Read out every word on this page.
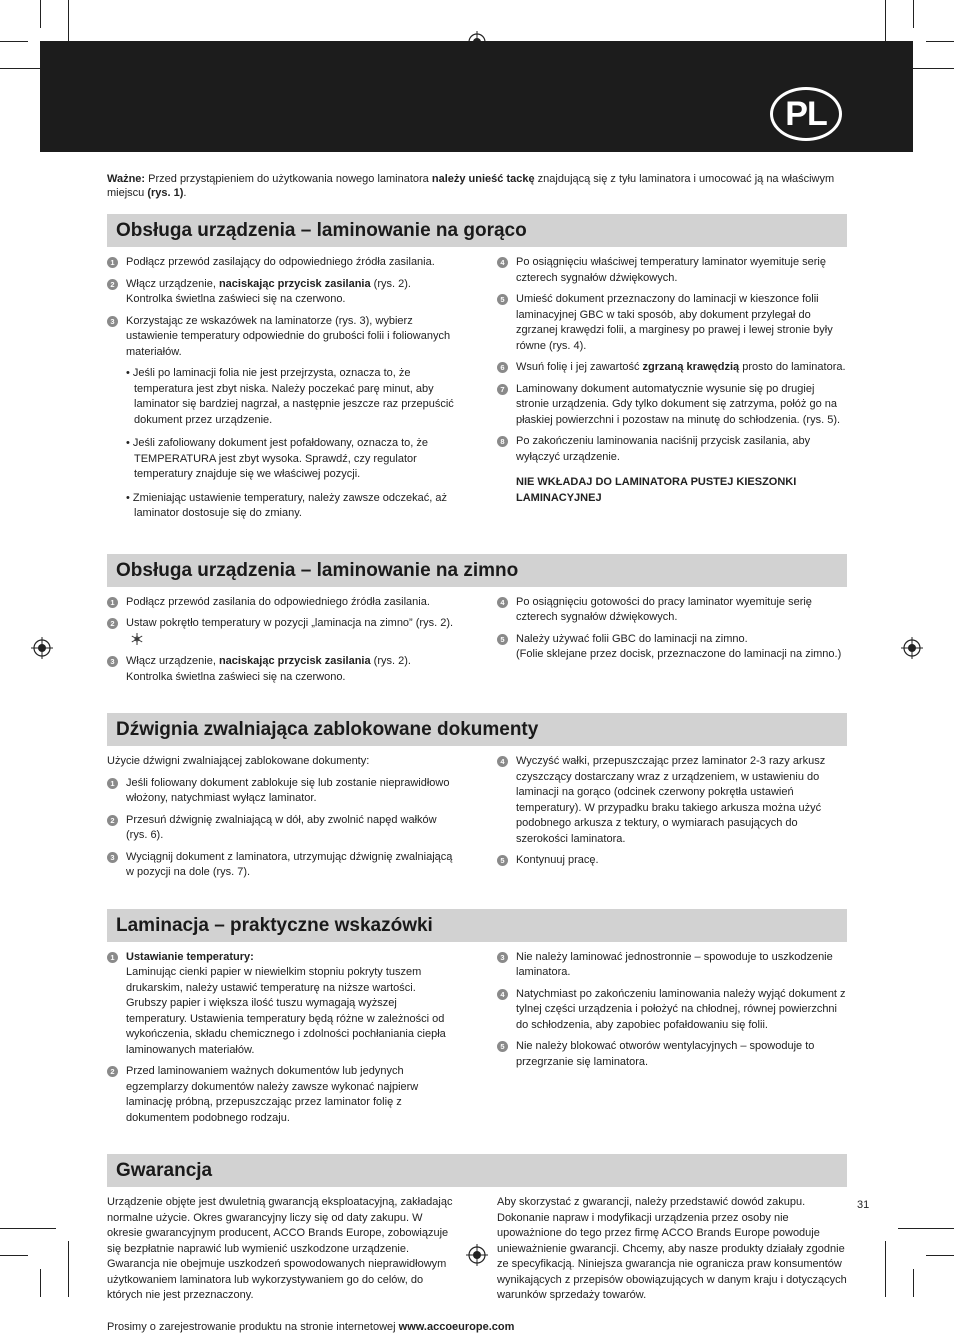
PL

Ważne: Przed przystąpieniem do użytkowania nowego laminatora należy unieść tackę znajdującą się z tyłu laminatora i umocować ją na właściwym miejscu (rys. 1).

Obsługa urządzenia – laminowanie na gorąco
1	Podłącz przewód zasilający do odpowiedniego źródła zasilania.
2	Włącz urządzenie, naciskając przycisk zasilania (rys. 2). Kontrolka świetlna zaświeci się na czerwono.
3	Korzystając ze wskazówek na laminatorze (rys. 3), wybierz ustawienie temperatury odpowiednie do grubości folii i foliowanych materiałów.
• Jeśli po laminacji folia nie jest przejrzysta, oznacza to, że temperatura jest zbyt niska. Należy poczekać parę minut, aby laminator się bardziej nagrzał, a następnie jeszcze raz przepuścić dokument przez urządzenie.
• Jeśli zafoliowany dokument jest pofałdowany, oznacza to, że TEMPERATURA jest zbyt wysoka. Sprawdź, czy regulator temperatury znajduje się we właściwej pozycji.
• Zmieniając ustawienie temperatury, należy zawsze odczekać, aż laminator dostosuje się do zmiany.
4	Po osiągnięciu właściwej temperatury laminator wyemituje serię czterech sygnałów dźwiękowych.
5	Umieść dokument przeznaczony do laminacji w kieszonce folii laminacyjnej GBC w taki sposób, aby dokument przylegał do zgrzanej krawędzi folii, a marginesy po prawej i lewej stronie były równe (rys. 4).
6	Wsuń folię i jej zawartość zgrzaną krawędzią prosto do laminatora.
7	Laminowany dokument automatycznie wysunie się po drugiej stronie urządzenia. Gdy tylko dokument się zatrzyma, połóż go na płaskiej powierzchni i pozostaw na minutę do schłodzenia. (rys. 5).
8	Po zakończeniu laminowania naciśnij przycisk zasilania, aby wyłączyć urządzenie.
NIE WKŁADAJ DO LAMINATORA PUSTEJ KIESZONKI LAMINACYJNEJ
Obsługa urządzenia – laminowanie na zimno
1	Podłącz przewód zasilania do odpowiedniego źródła zasilania.
2	Ustaw pokrętło temperatury w pozycji „laminacja na zimno” (rys. 2).
3	Włącz urządzenie, naciskając przycisk zasilania (rys. 2). Kontrolka świetlna zaświeci się na czerwono.
4	Po osiągnięciu gotowości do pracy laminator wyemituje serię czterech sygnałów dźwiękowych.
5	Należy używać folii GBC do laminacji na zimno.
(Folie sklejane przez docisk, przeznaczone do laminacji na zimno.)
Dźwignia zwalniająca zablokowane dokumenty
Użycie dźwigni zwalniającej zablokowane dokumenty:
1	Jeśli foliowany dokument zablokuje się lub zostanie nieprawidłowo włożony, natychmiast wyłącz laminator.
2	Przesuń dźwignię zwalniającą w dół, aby zwolnić napęd wałków (rys. 6).
3	Wyciągnij dokument z laminatora, utrzymując dźwignię zwalniającą w pozycji na dole (rys. 7).
4	Wyczyść wałki, przepuszczając przez laminator 2-3 razy arkusz czyszczący dostarczany wraz z urządzeniem, w ustawieniu do laminacji na gorąco (odcinek czerwony pokrętła ustawień temperatury). W przypadku braku takiego arkusza można użyć podobnego arkusza z tektury, o wymiarach pasujących do szerokości laminatora.
5	Kontynuuj pracę.
Laminacja – praktyczne wskazówki
1	Ustawianie temperatury:
Laminując cienki papier w niewielkim stopniu pokryty tuszem drukarskim, należy ustawić temperaturę na niższe wartości. Grubszy papier i większa ilość tuszu wymagają wyższej temperatury. Ustawienia temperatury będą różne w zależności od wykończenia, składu chemicznego i zdolności pochłaniania ciepła laminowanych materiałów.
2	Przed laminowaniem ważnych dokumentów lub jedynych egzemplarzy dokumentów należy zawsze wykonać najpierw laminację próbną, przepuszczając przez laminator folię z dokumentem podobnego rodzaju.
3	Nie należy laminować jednostronnie – spowoduje to uszkodzenie laminatora.
4	Natychmiast po zakończeniu laminowania należy wyjąć dokument z tylnej części urządzenia i położyć na chłodnej, równej powierzchni do schłodzenia, aby zapobiec pofałdowaniu się folii.
5	Nie należy blokować otworów wentylacyjnych – spowoduje to przegrzanie się laminatora.
Gwarancja
Urządzenie objęte jest dwuletnią gwarancją eksploatacyjną, zakładając normalne użycie. Okres gwarancyjny liczy się od daty zakupu. W okresie gwarancyjnym producent, ACCO Brands Europe, zobowiązuje się bezpłatnie naprawić lub wymienić uszkodzone urządzenie. Gwarancja nie obejmuje uszkodzeń spowodowanych nieprawidłowym użytkowaniem laminatora lub wykorzystywaniem go do celów, do których nie jest przeznaczony.
Aby skorzystać z gwarancji, należy przedstawić dowód zakupu. Dokonanie napraw i modyfikacji urządzenia przez osoby nie upoważnione do tego przez firmę ACCO Brands Europe powoduje unieważnienie gwarancji. Chcemy, aby nasze produkty działały zgodnie ze specyfikacją. Niniejsza gwarancja nie ogranicza praw konsumentów wynikających z przepisów obowiązujących w danym kraju i dotyczących warunków sprzedaży towarów.
Prosimy o zarejestrowanie produktu na stronie internetowej www.accoeurope.com
31
